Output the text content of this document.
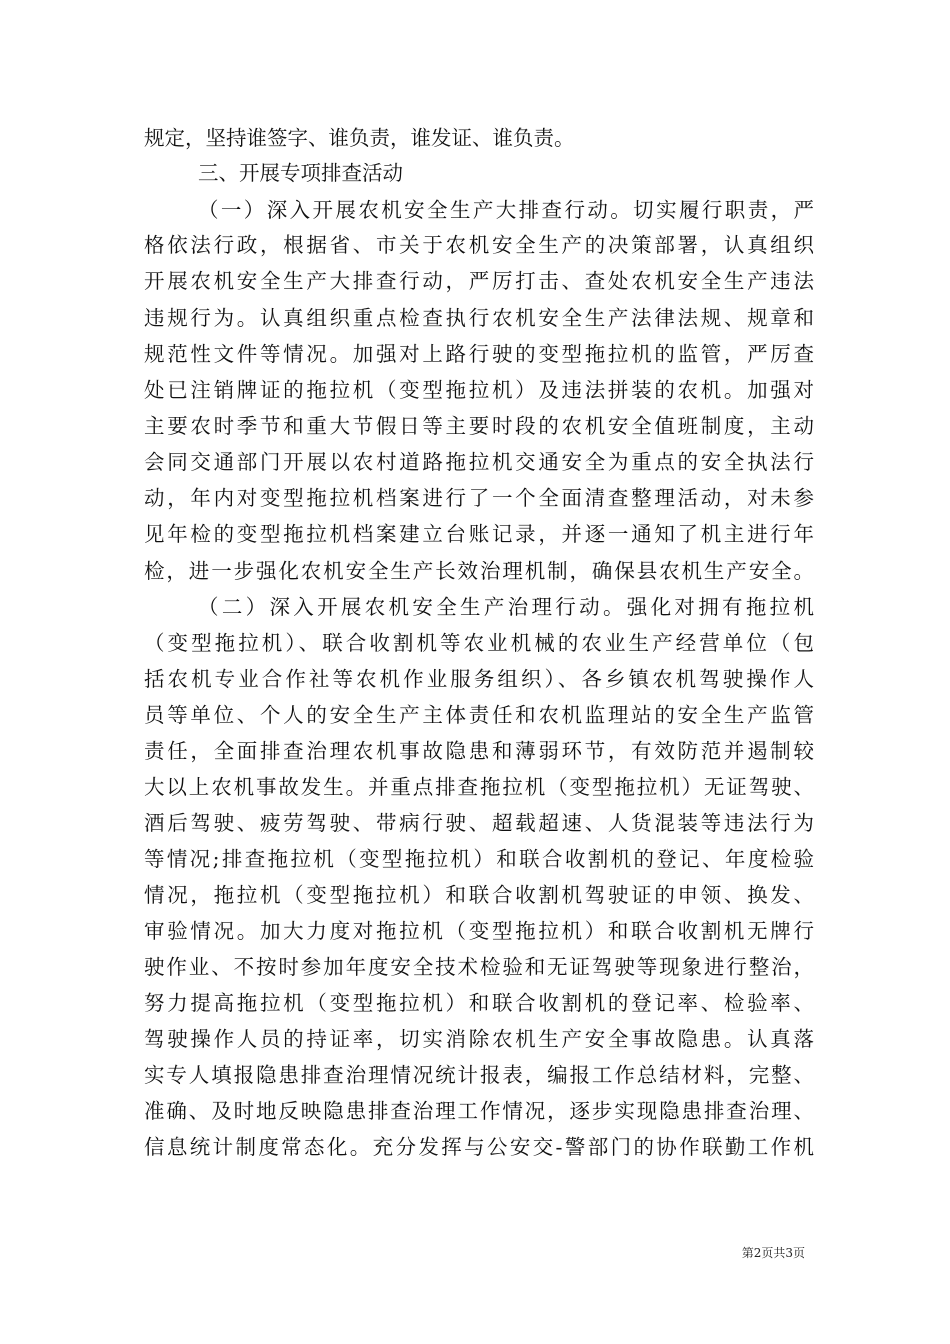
规定，坚持谁签字、谁负责，谁发证、谁负责。
三、开展专项排查活动
（一）深入开展农机安全生产大排查行动。切实履行职责，严
格依法行政，根据省、市关于农机安全生产的决策部署，认真组织
开展农机安全生产大排查行动，严厉打击、查处农机安全生产违法
违规行为。认真组织重点检查执行农机安全生产法律法规、规章和
规范性文件等情况。加强对上路行驶的变型拖拉机的监管，严厉查
处已注销牌证的拖拉机（变型拖拉机）及违法拼装的农机。加强对
主要农时季节和重大节假日等主要时段的农机安全值班制度，主动
会同交通部门开展以农村道路拖拉机交通安全为重点的安全执法行
动，年内对变型拖拉机档案进行了一个全面清查整理活动，对未参
见年检的变型拖拉机档案建立台账记录，并逐一通知了机主进行年
检，进一步强化农机安全生产长效治理机制，确保县农机生产安全。
（二）深入开展农机安全生产治理行动。强化对拥有拖拉机
（变型拖拉机）、联合收割机等农业机械的农业生产经营单位（包
括农机专业合作社等农机作业服务组织）、各乡镇农机驾驶操作人
员等单位、个人的安全生产主体责任和农机监理站的安全生产监管
责任，全面排查治理农机事故隐患和薄弱环节，有效防范并遏制较
大以上农机事故发生。并重点排查拖拉机（变型拖拉机）无证驾驶、
酒后驾驶、疲劳驾驶、带病行驶、超载超速、人货混装等违法行为
等情况;排查拖拉机（变型拖拉机）和联合收割机的登记、年度检验
情况，拖拉机（变型拖拉机）和联合收割机驾驶证的申领、换发、
审验情况。加大力度对拖拉机（变型拖拉机）和联合收割机无牌行
驶作业、不按时参加年度安全技术检验和无证驾驶等现象进行整治，
努力提高拖拉机（变型拖拉机）和联合收割机的登记率、检验率、
驾驶操作人员的持证率，切实消除农机生产安全事故隐患。认真落
实专人填报隐患排查治理情况统计报表，编报工作总结材料，完整、
准确、及时地反映隐患排查治理工作情况，逐步实现隐患排查治理、
信息统计制度常态化。充分发挥与公安交-警部门的协作联勤工作机
第2页共3页
